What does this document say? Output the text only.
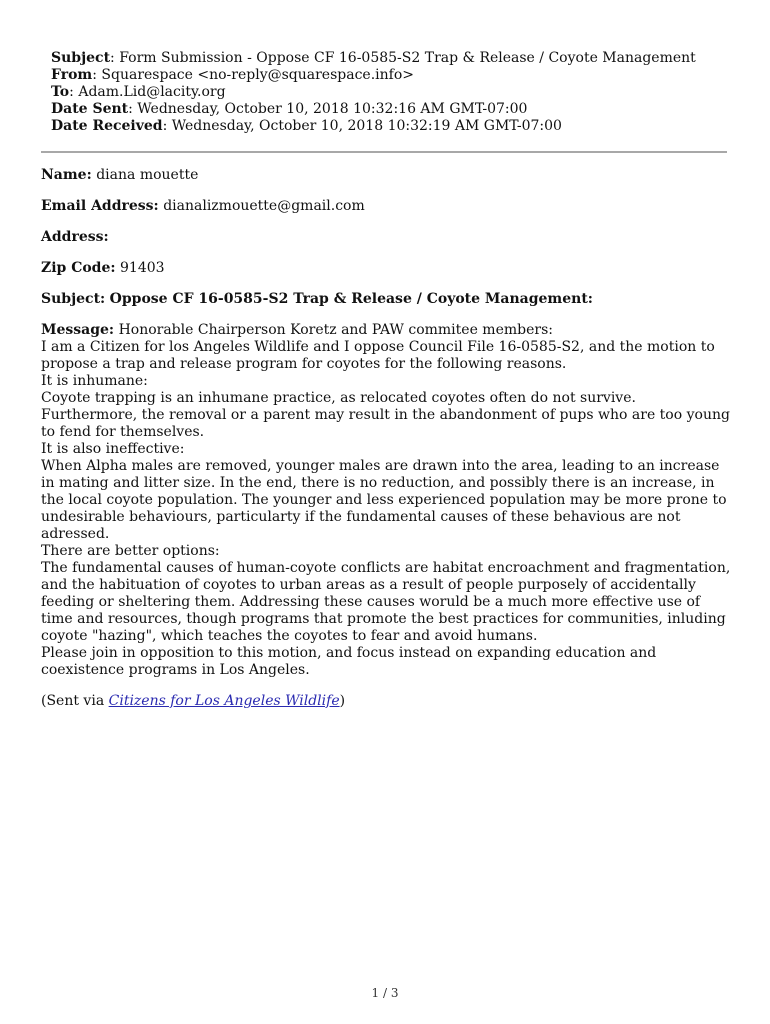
Subject: Form Submission - Oppose CF 16-0585-S2 Trap & Release / Coyote Management
From: Squarespace <no-reply@squarespace.info>
To: Adam.Lid@lacity.org
Date Sent: Wednesday, October 10, 2018 10:32:16 AM GMT-07:00
Date Received: Wednesday, October 10, 2018 10:32:19 AM GMT-07:00
Name: diana mouette
Email Address: dianalizmouette@gmail.com
Address:
Zip Code: 91403
Subject: Oppose CF 16-0585-S2 Trap & Release / Coyote Management:
Message: Honorable Chairperson Koretz and PAW commitee members:
I am a Citizen for los Angeles Wildlife and I oppose Council File 16-0585-S2, and the motion to propose a trap and release program for coyotes for the following reasons.
It is inhumane:
Coyote trapping is an inhumane practice, as relocated coyotes often do not survive. Furthermore, the removal or a parent may result in the abandonment of pups who are too young to fend for themselves.
It is also ineffective:
When Alpha males are removed, younger males are drawn into the area, leading to an increase in mating and litter size. In the end, there is no reduction, and possibly there is an increase, in the local coyote population. The younger and less experienced population may be more prone to undesirable behaviours, particularty if the fundamental causes of these behavious are not adressed.
There are better options:
The fundamental causes of human-coyote conflicts are habitat encroachment and fragmentation, and the habituation of coyotes to urban areas as a result of people purposely of accidentally feeding or sheltering them. Addressing these causes woruld be a much more effective use of time and resources, though programs that promote the best practices for communities, inluding coyote "hazing", which teaches the coyotes to fear and avoid humans.
Please join in opposition to this motion, and focus instead on expanding education and coexistence programs in Los Angeles.
(Sent via Citizens for Los Angeles Wildlife)
1 / 3
